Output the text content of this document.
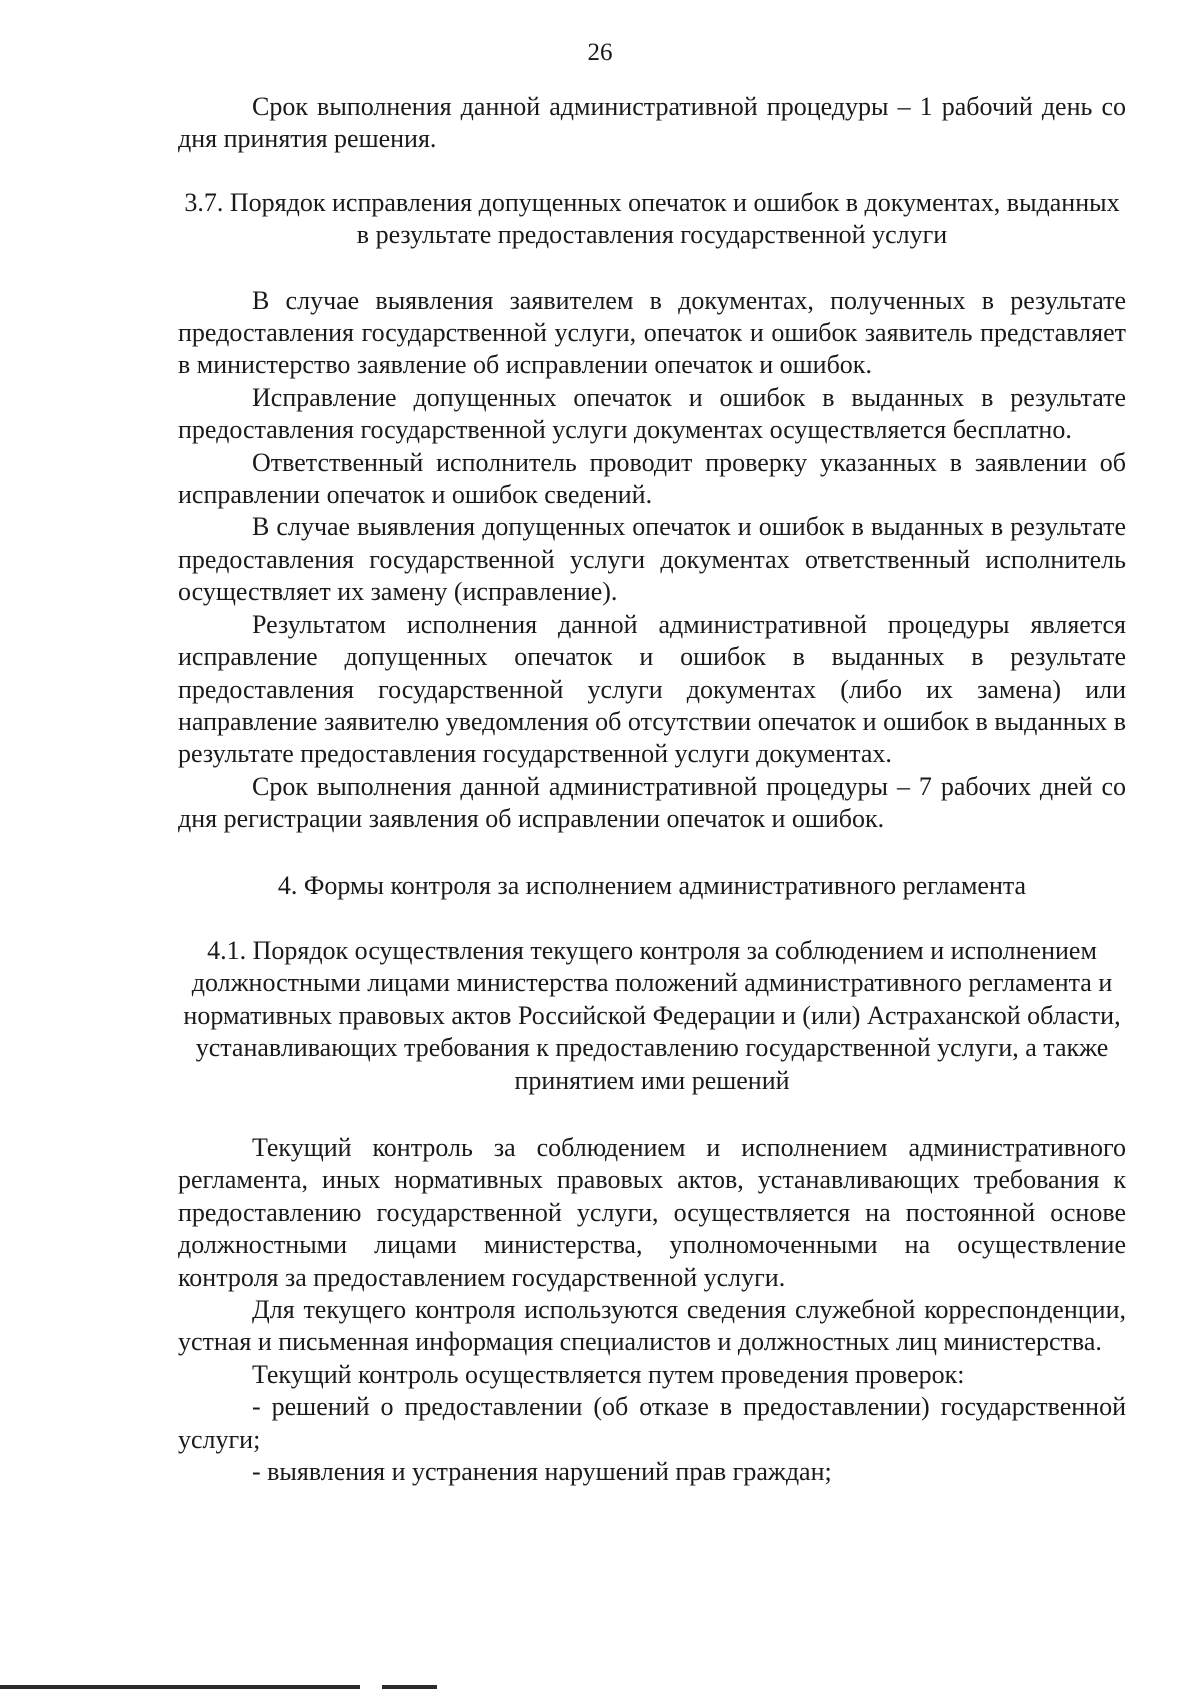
26

Срок выполнения данной административной процедуры – 1 рабочий день со дня принятия решения.

3.7. Порядок исправления допущенных опечаток и ошибок в документах, выданных в результате предоставления государственной услуги

В случае выявления заявителем в документах, полученных в результате предоставления государственной услуги, опечаток и ошибок заявитель представляет в министерство заявление об исправлении опечаток и ошибок.

Исправление допущенных опечаток и ошибок в выданных в результате предоставления государственной услуги документах осуществляется бесплатно.

Ответственный исполнитель проводит проверку указанных в заявлении об исправлении опечаток и ошибок сведений.

В случае выявления допущенных опечаток и ошибок в выданных в результате предоставления государственной услуги документах ответственный исполнитель осуществляет их замену (исправление).

Результатом исполнения данной административной процедуры является исправление допущенных опечаток и ошибок в выданных в результате предоставления государственной услуги документах (либо их замена) или направление заявителю уведомления об отсутствии опечаток и ошибок в выданных в результате предоставления государственной услуги документах.

Срок выполнения данной административной процедуры – 7 рабочих дней со дня регистрации заявления об исправлении опечаток и ошибок.

4. Формы контроля за исполнением административного регламента

4.1. Порядок осуществления текущего контроля за соблюдением и исполнением должностными лицами министерства положений административного регламента и нормативных правовых актов Российской Федерации и (или) Астраханской области, устанавливающих требования к предоставлению государственной услуги, а также принятием ими решений

Текущий контроль за соблюдением и исполнением административного регламента, иных нормативных правовых актов, устанавливающих требования к предоставлению государственной услуги, осуществляется на постоянной основе должностными лицами министерства, уполномоченными на осуществление контроля за предоставлением государственной услуги.

Для текущего контроля используются сведения служебной корреспонденции, устная и письменная информация специалистов и должностных лиц министерства.

Текущий контроль осуществляется путем проведения проверок:

- решений о предоставлении (об отказе в предоставлении) государственной услуги;

- выявления и устранения нарушений прав граждан;
